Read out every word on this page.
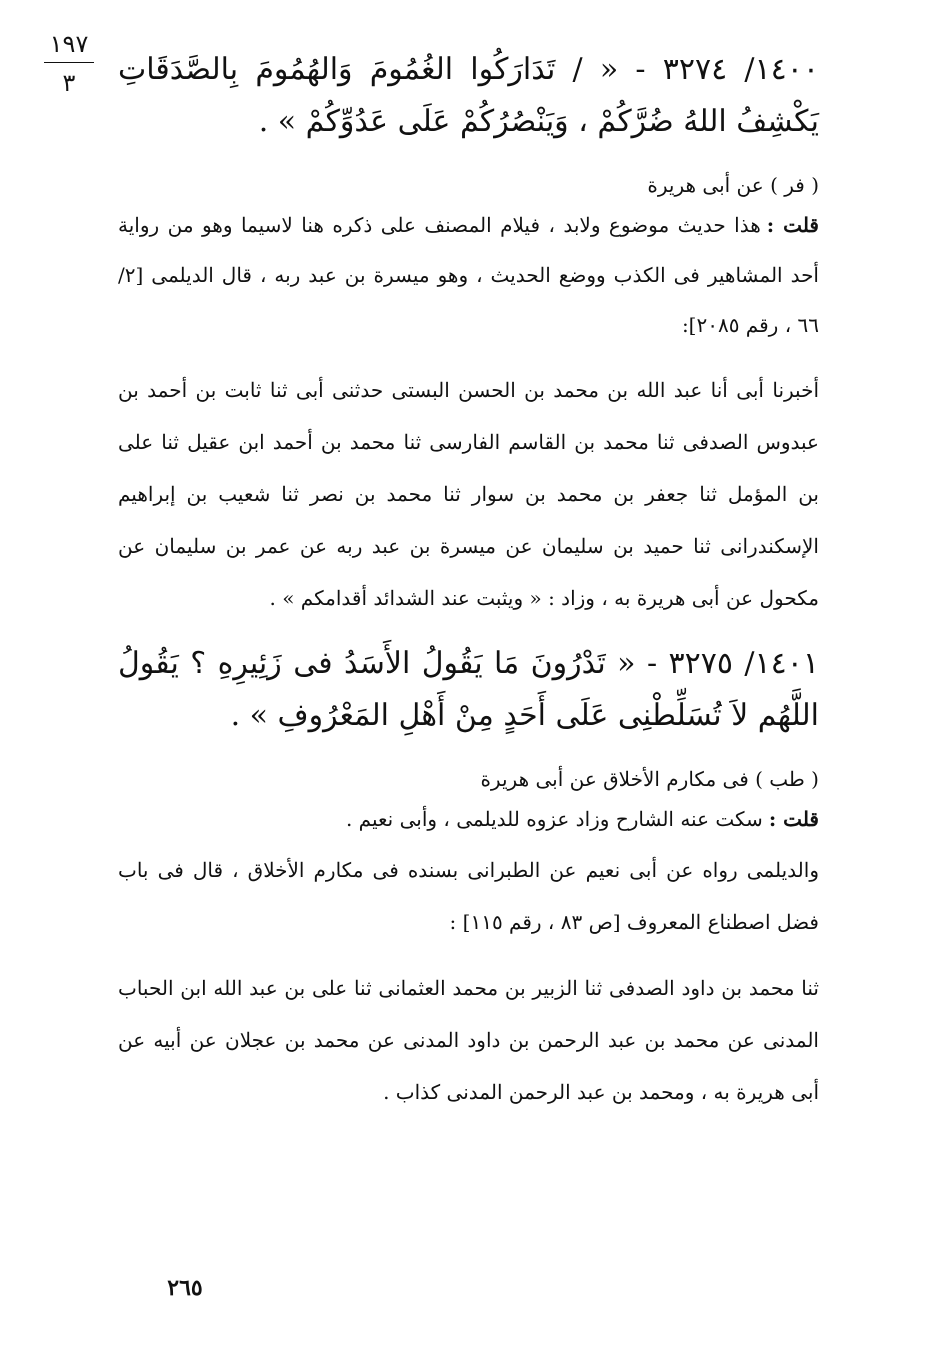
١٩٧
٣	١٤٠٠/ ٣٢٧٤ - « / تَدَارَكُوا الغُمُومَ وَالهُمُومَ بِالصَّدَقَاتِ يَكْشِفُ اللهُ ضُرَّكُمْ ، وَيَنْصُرُكُمْ عَلَى عَدُوِّكُمْ » .

( فر ) عن أبى هريرة

قلت :هذا حديث موضوع ولابد ، فيلام المصنف على ذكره هنا لاسيما وهو من رواية أحد المشاهير فى الكذب ووضع الحديث ، وهو ميسرة بن عبد ربه ، قال الديلمى [٢/ ٦٦ ، رقم ٢٠٨٥]:

أخبرنا أبى أنا عبد الله بن محمد بن الحسن البستى حدثنى أبى ثنا ثابت بن أحمد بن عبدوس الصدفى ثنا محمد بن القاسم الفارسى ثنا محمد بن أحمد ابن عقيل ثنا على بن المؤمل ثنا جعفر بن محمد بن سوار ثنا محمد بن نصر ثنا شعيب بن إبراهيم الإسكندرانى ثنا حميد بن سليمان عن ميسرة بن عبد ربه عن عمر بن سليمان عن مكحول عن أبى هريرة به ، وزاد : « ويثبت عند الشدائد أقدامكم » .

١٤٠١/ ٣٢٧٥ - « تَدْرُونَ مَا يَقُولُ الأَسَدُ فى زَئِيرِهِ ؟ يَقُولُ اللَّهُم لاَ تُسَلِّطْنِى عَلَى أَحَدٍ مِنْ أَهْلِ المَعْرُوفِ » .

( طب ) فى مكارم الأخلاق عن أبى هريرة

قلت :سكت عنه الشارح وزاد عزوه للديلمى ، وأبى نعيم .

والديلمى رواه عن أبى نعيم عن الطبرانى بسنده فى مكارم الأخلاق ، قال فى باب فضل اصطناع المعروف [ص ٨٣ ، رقم ١١٥] :

ثنا محمد بن داود الصدفى ثنا الزبير بن محمد العثمانى ثنا على بن عبد الله ابن الحباب المدنى عن محمد بن عبد الرحمن بن داود المدنى عن محمد بن عجلان عن أبيه عن أبى هريرة به ، ومحمد بن عبد الرحمن المدنى كذاب .

٢٦٥
